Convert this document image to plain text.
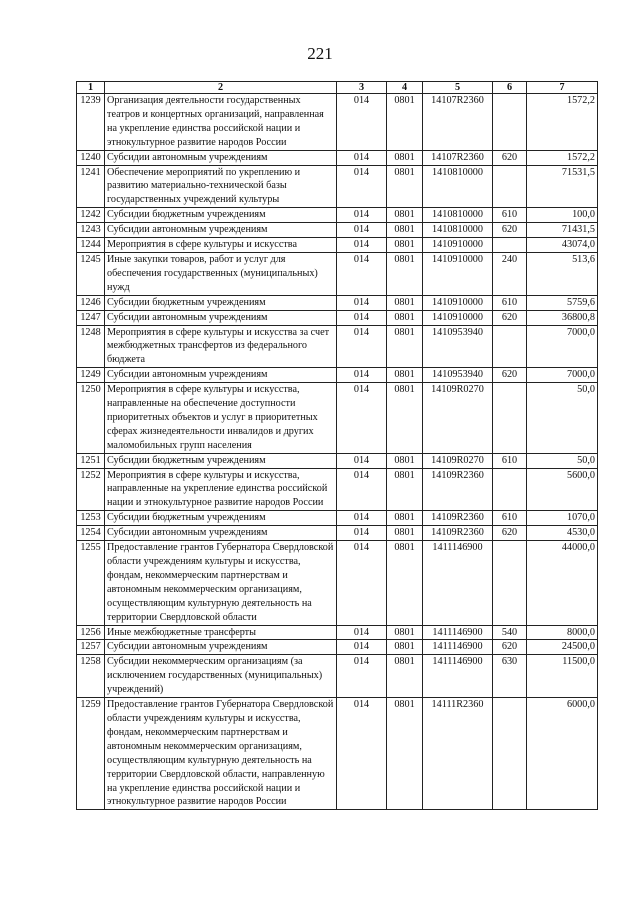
221
1	2	3	4	5	6	7
1239	Организация деятельности государственных театров и концертных организаций, направленная на укрепление единства российской нации и этнокультурное развитие народов России	014	0801	14107R2360		1572,2
1240	Субсидии автономным учреждениям	014	0801	14107R2360	620	1572,2
1241	Обеспечение мероприятий по укреплению и развитию материально-технической базы государственных учреждений культуры	014	0801	1410810000		71531,5
1242	Субсидии бюджетным учреждениям	014	0801	1410810000	610	100,0
1243	Субсидии автономным учреждениям	014	0801	1410810000	620	71431,5
1244	Мероприятия в сфере культуры и искусства	014	0801	1410910000		43074,0
1245	Иные закупки товаров, работ и услуг для обеспечения государственных (муниципальных) нужд	014	0801	1410910000	240	513,6
1246	Субсидии бюджетным учреждениям	014	0801	1410910000	610	5759,6
1247	Субсидии автономным учреждениям	014	0801	1410910000	620	36800,8
1248	Мероприятия в сфере культуры и искусства за счет межбюджетных трансфертов из федерального бюджета	014	0801	1410953940		7000,0
1249	Субсидии автономным учреждениям	014	0801	1410953940	620	7000,0
1250	Мероприятия в сфере культуры и искусства, направленные на обеспечение доступности приоритетных объектов и услуг в приоритетных сферах жизнедеятельности инвалидов и других маломобильных групп населения	014	0801	14109R0270		50,0
1251	Субсидии бюджетным учреждениям	014	0801	14109R0270	610	50,0
1252	Мероприятия в сфере культуры и искусства, направленные на укрепление единства российской нации и этнокультурное развитие народов России	014	0801	14109R2360		5600,0
1253	Субсидии бюджетным учреждениям	014	0801	14109R2360	610	1070,0
1254	Субсидии автономным учреждениям	014	0801	14109R2360	620	4530,0
1255	Предоставление грантов Губернатора Свердловской области учреждениям культуры и искусства, фондам, некоммерческим партнерствам и автономным некоммерческим организациям, осуществляющим культурную деятельность на территории Свердловской области	014	0801	1411146900		44000,0
1256	Иные межбюджетные трансферты	014	0801	1411146900	540	8000,0
1257	Субсидии автономным учреждениям	014	0801	1411146900	620	24500,0
1258	Субсидии некоммерческим организациям (за исключением государственных (муниципальных) учреждений)	014	0801	1411146900	630	11500,0
1259	Предоставление грантов Губернатора Свердловской области учреждениям культуры и искусства, фондам, некоммерческим партнерствам и автономным некоммерческим организациям, осуществляющим культурную деятельность на территории Свердловской области, направленную на укрепление единства российской нации и этнокультурное развитие народов России	014	0801	14111R2360		6000,0
